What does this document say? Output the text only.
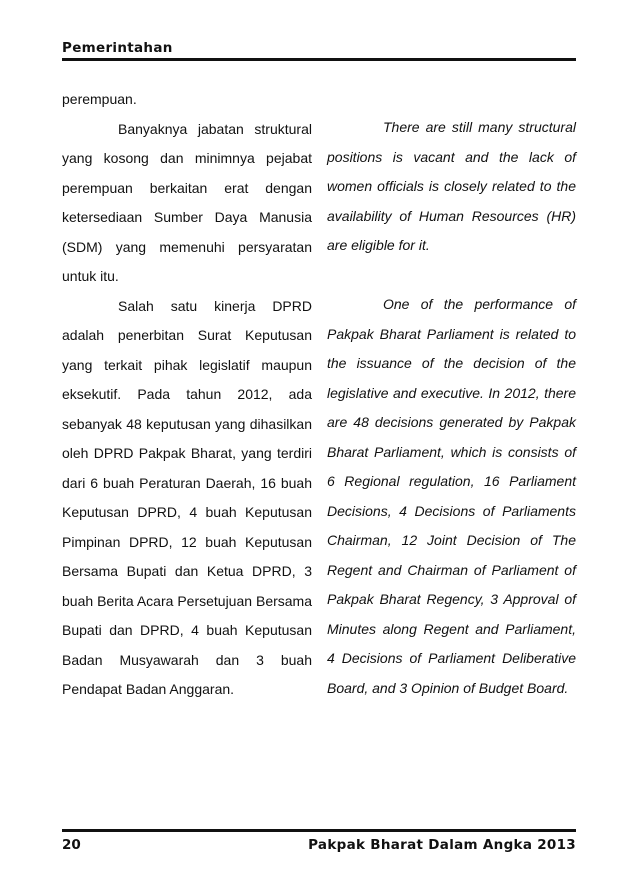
Pemerintahan

perempuan.

Banyaknya jabatan struktural yang kosong dan minimnya pejabat perempuan berkaitan erat dengan ketersediaan Sumber Daya Manusia (SDM) yang memenuhi persyaratan untuk itu.

Salah satu kinerja DPRD adalah penerbitan Surat Keputusan yang terkait pihak legislatif maupun eksekutif. Pada tahun 2012, ada sebanyak 48 keputusan yang dihasilkan oleh DPRD Pakpak Bharat, yang terdiri dari 6 buah Peraturan Daerah, 16 buah Keputusan DPRD, 4 buah Keputusan Pimpinan DPRD, 12 buah Keputusan Bersama Bupati dan Ketua DPRD, 3 buah Berita Acara Persetujuan Bersama Bupati dan DPRD, 4 buah Keputusan Badan Musyawarah dan 3 buah Pendapat Badan Anggaran.

There are still many structural positions is vacant and the lack of women officials is closely related to the availability of Human Resources (HR) are eligible for it.

One of the performance of Pakpak Bharat Parliament is related to the issuance of the decision of the legislative and executive. In 2012, there are 48 decisions generated by Pakpak Bharat Parliament, which is consists of 6 Regional regulation, 16 Parliament Decisions, 4 Decisions of Parliaments Chairman, 12 Joint Decision of The Regent and Chairman of Parliament of Pakpak Bharat Regency, 3 Approval of Minutes along Regent and Parliament, 4 Decisions of Parliament Deliberative Board, and 3 Opinion of Budget Board.

20	Pakpak Bharat Dalam Angka 2013
